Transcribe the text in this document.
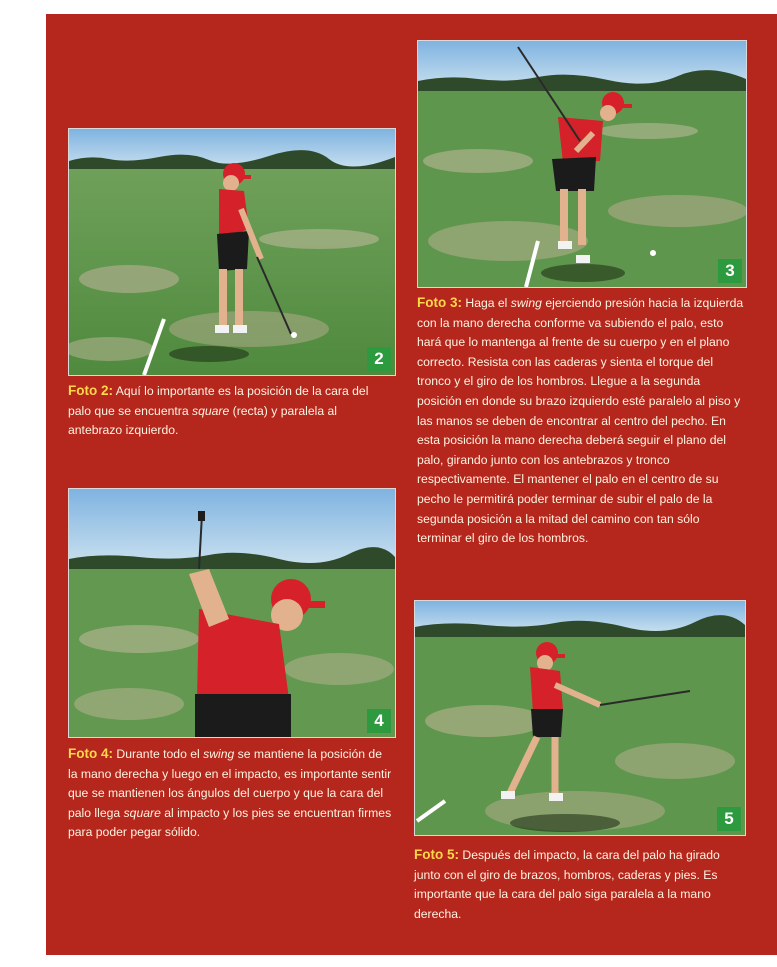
2
3
4
5
Foto 2: Aquí lo importante es la posición de la cara del palo que se encuentra square (recta) y paralela al antebrazo izquierdo.
Foto 3: Haga el swing ejerciendo presión hacia la izquierda con la mano derecha conforme va subiendo el palo, esto hará que lo mantenga al frente de su cuerpo y en el plano correcto. Resista con las caderas y sienta el torque del tronco y el giro de los hombros. Llegue a la segunda posición en donde su brazo izquierdo esté paralelo al piso y las manos se deben de encontrar al centro del pecho. En esta posición la mano derecha deberá seguir el plano del palo, girando junto con los antebrazos y tronco respectivamente. El mantener el palo en el centro de su pecho le permitirá poder terminar de subir el palo de la segunda posición a la mitad del camino con tan sólo terminar el giro de los hombros.
Foto 4: Durante todo el swing se mantiene la posición de la mano derecha y luego en el impacto, es importante sentir que se mantienen los ángulos del cuerpo y que la cara del palo llega square al impacto y los pies se encuentran firmes para poder pegar sólido.
Foto 5: Después del impacto, la cara del palo ha girado junto con el giro de brazos, hombros, caderas y pies. Es importante que la cara del palo siga paralela a la mano derecha.
